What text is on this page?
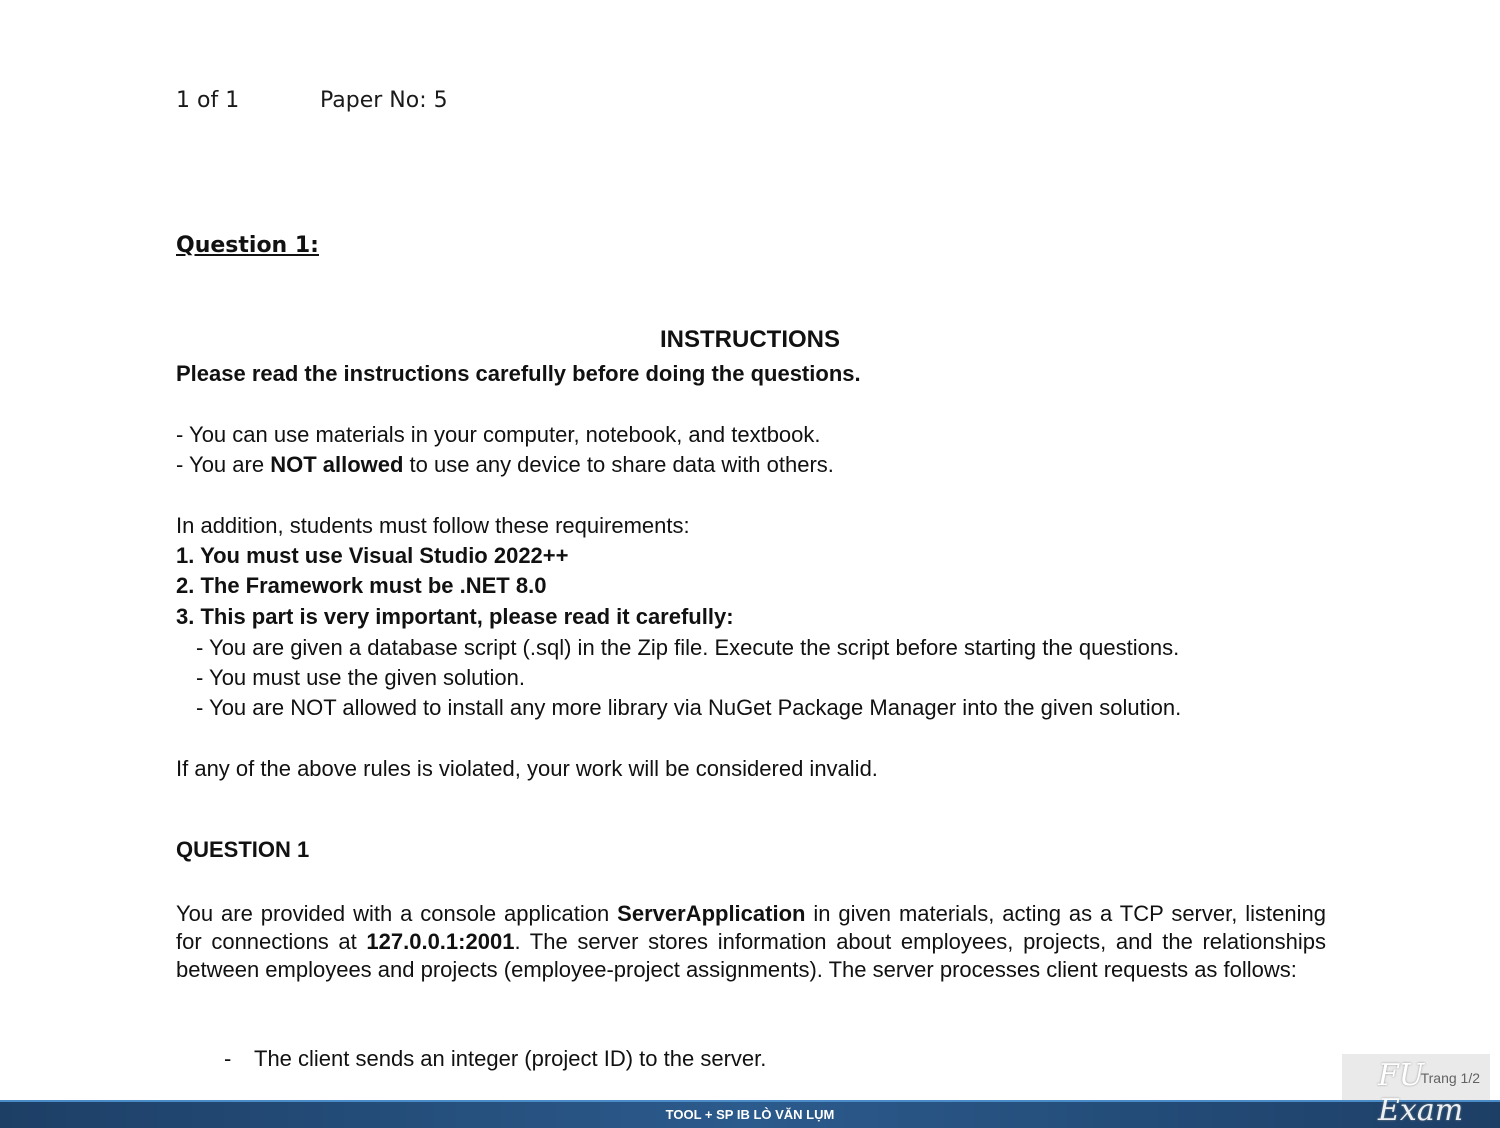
1 of 1	Paper No: 5
Question 1:
INSTRUCTIONS
Please read the instructions carefully before doing the questions.
- You can use materials in your computer, notebook, and textbook.
- You are NOT allowed to use any device to share data with others.
In addition, students must follow these requirements:
1. You must use Visual Studio 2022++
2. The Framework must be .NET 8.0
3. This part is very important, please read it carefully:
- You are given a database script (.sql) in the Zip file. Execute the script before starting the questions.
- You must use the given solution.
- You are NOT allowed to install any more library via NuGet Package Manager into the given solution.
If any of the above rules is violated, your work will be considered invalid.
QUESTION 1
You are provided with a console application ServerApplication in given materials, acting as a TCP server, listening for connections at 127.0.0.1:2001. The server stores information about employees, projects, and the relationships between employees and projects (employee-project assignments). The server processes client requests as follows:
- The client sends an integer (project ID) to the server.
TOOL + SP IB LÒ VĂN LỤM
FU Exam
Trang 1/2
